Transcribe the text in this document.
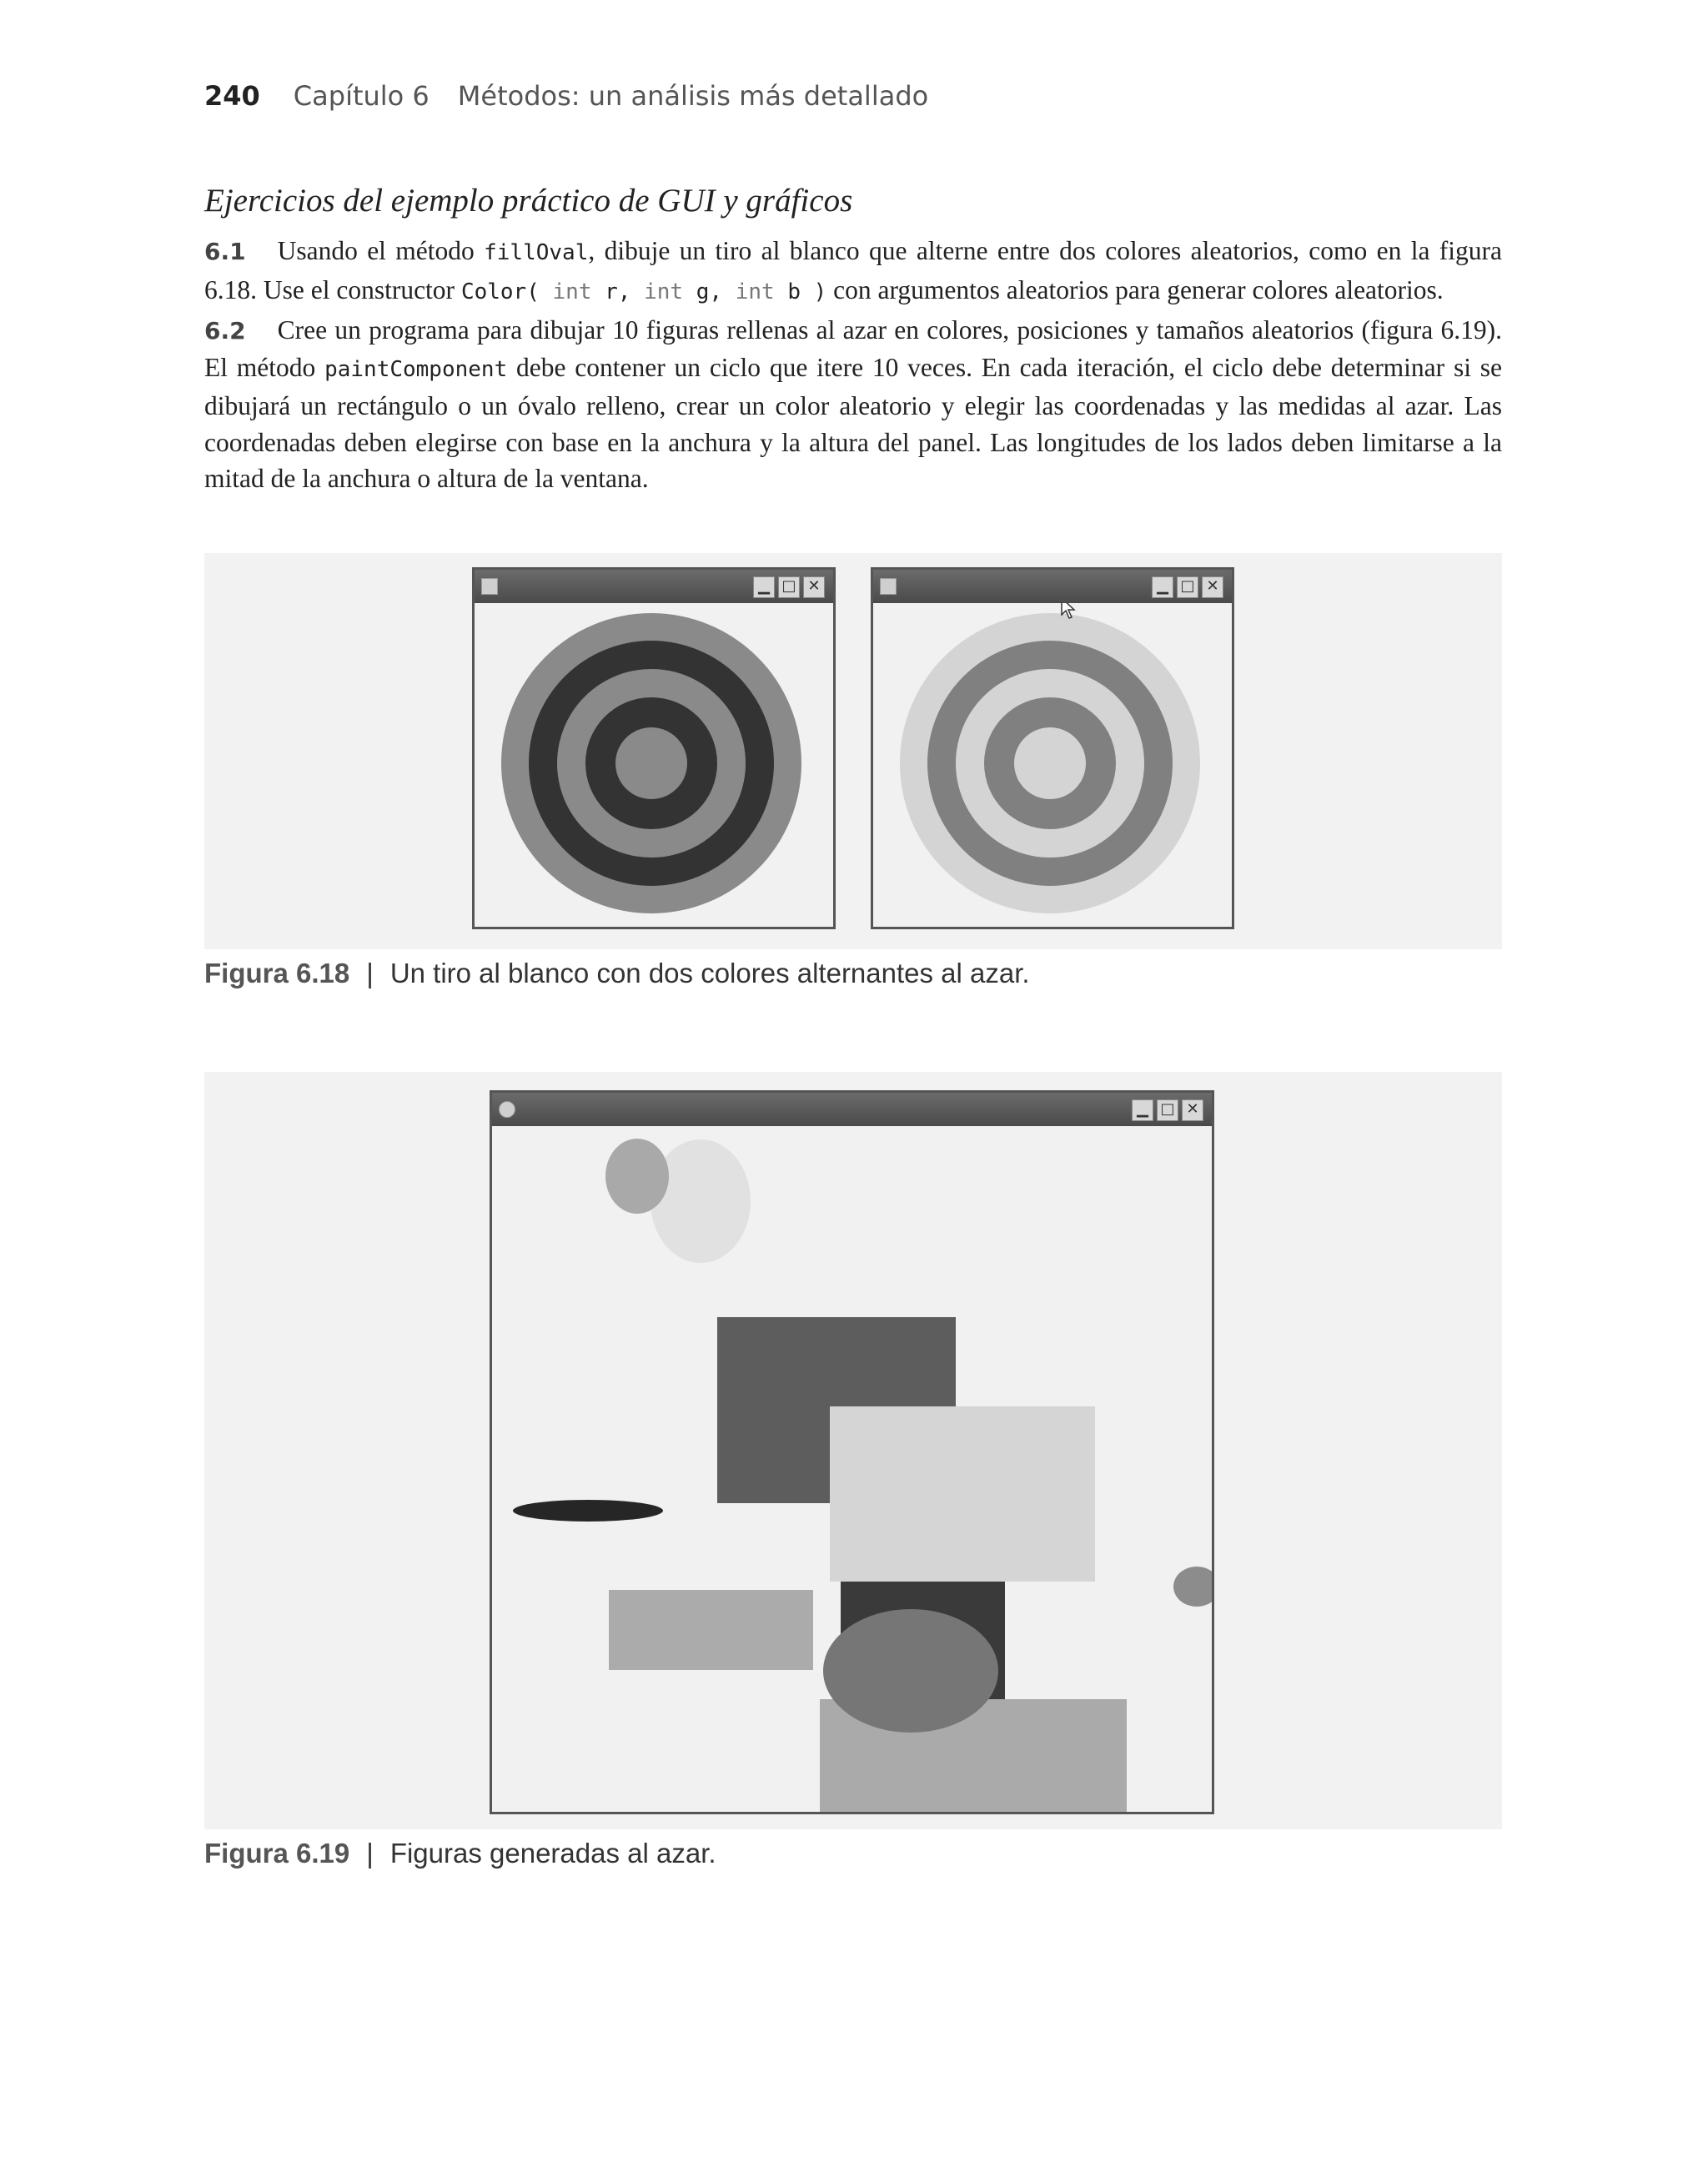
240 Capítulo 6 Métodos: un análisis más detallado
Ejercicios del ejemplo práctico de GUI y gráficos
6.1 Usando el método fillOval, dibuje un tiro al blanco que alterne entre dos colores aleatorios, como en la figura 6.18. Use el constructor Color( int r, int g, int b ) con argumentos aleatorios para generar colores aleatorios.
6.2 Cree un programa para dibujar 10 figuras rellenas al azar en colores, posiciones y tamaños aleatorios (figura 6.19). El método paintComponent debe contener un ciclo que itere 10 veces. En cada iteración, el ciclo debe determinar si se dibujará un rectángulo o un óvalo relleno, crear un color aleatorio y elegir las coordenadas y las medidas al azar. Las coordenadas deben elegirse con base en la anchura y la altura del panel. Las longitudes de los lados deben limitarse a la mitad de la anchura o altura de la ventana.
▁ □ ✕	▁ □ ✕
Figura 6.18 | Un tiro al blanco con dos colores alternantes al azar.
▁ □ ✕
Figura 6.19 | Figuras generadas al azar.
